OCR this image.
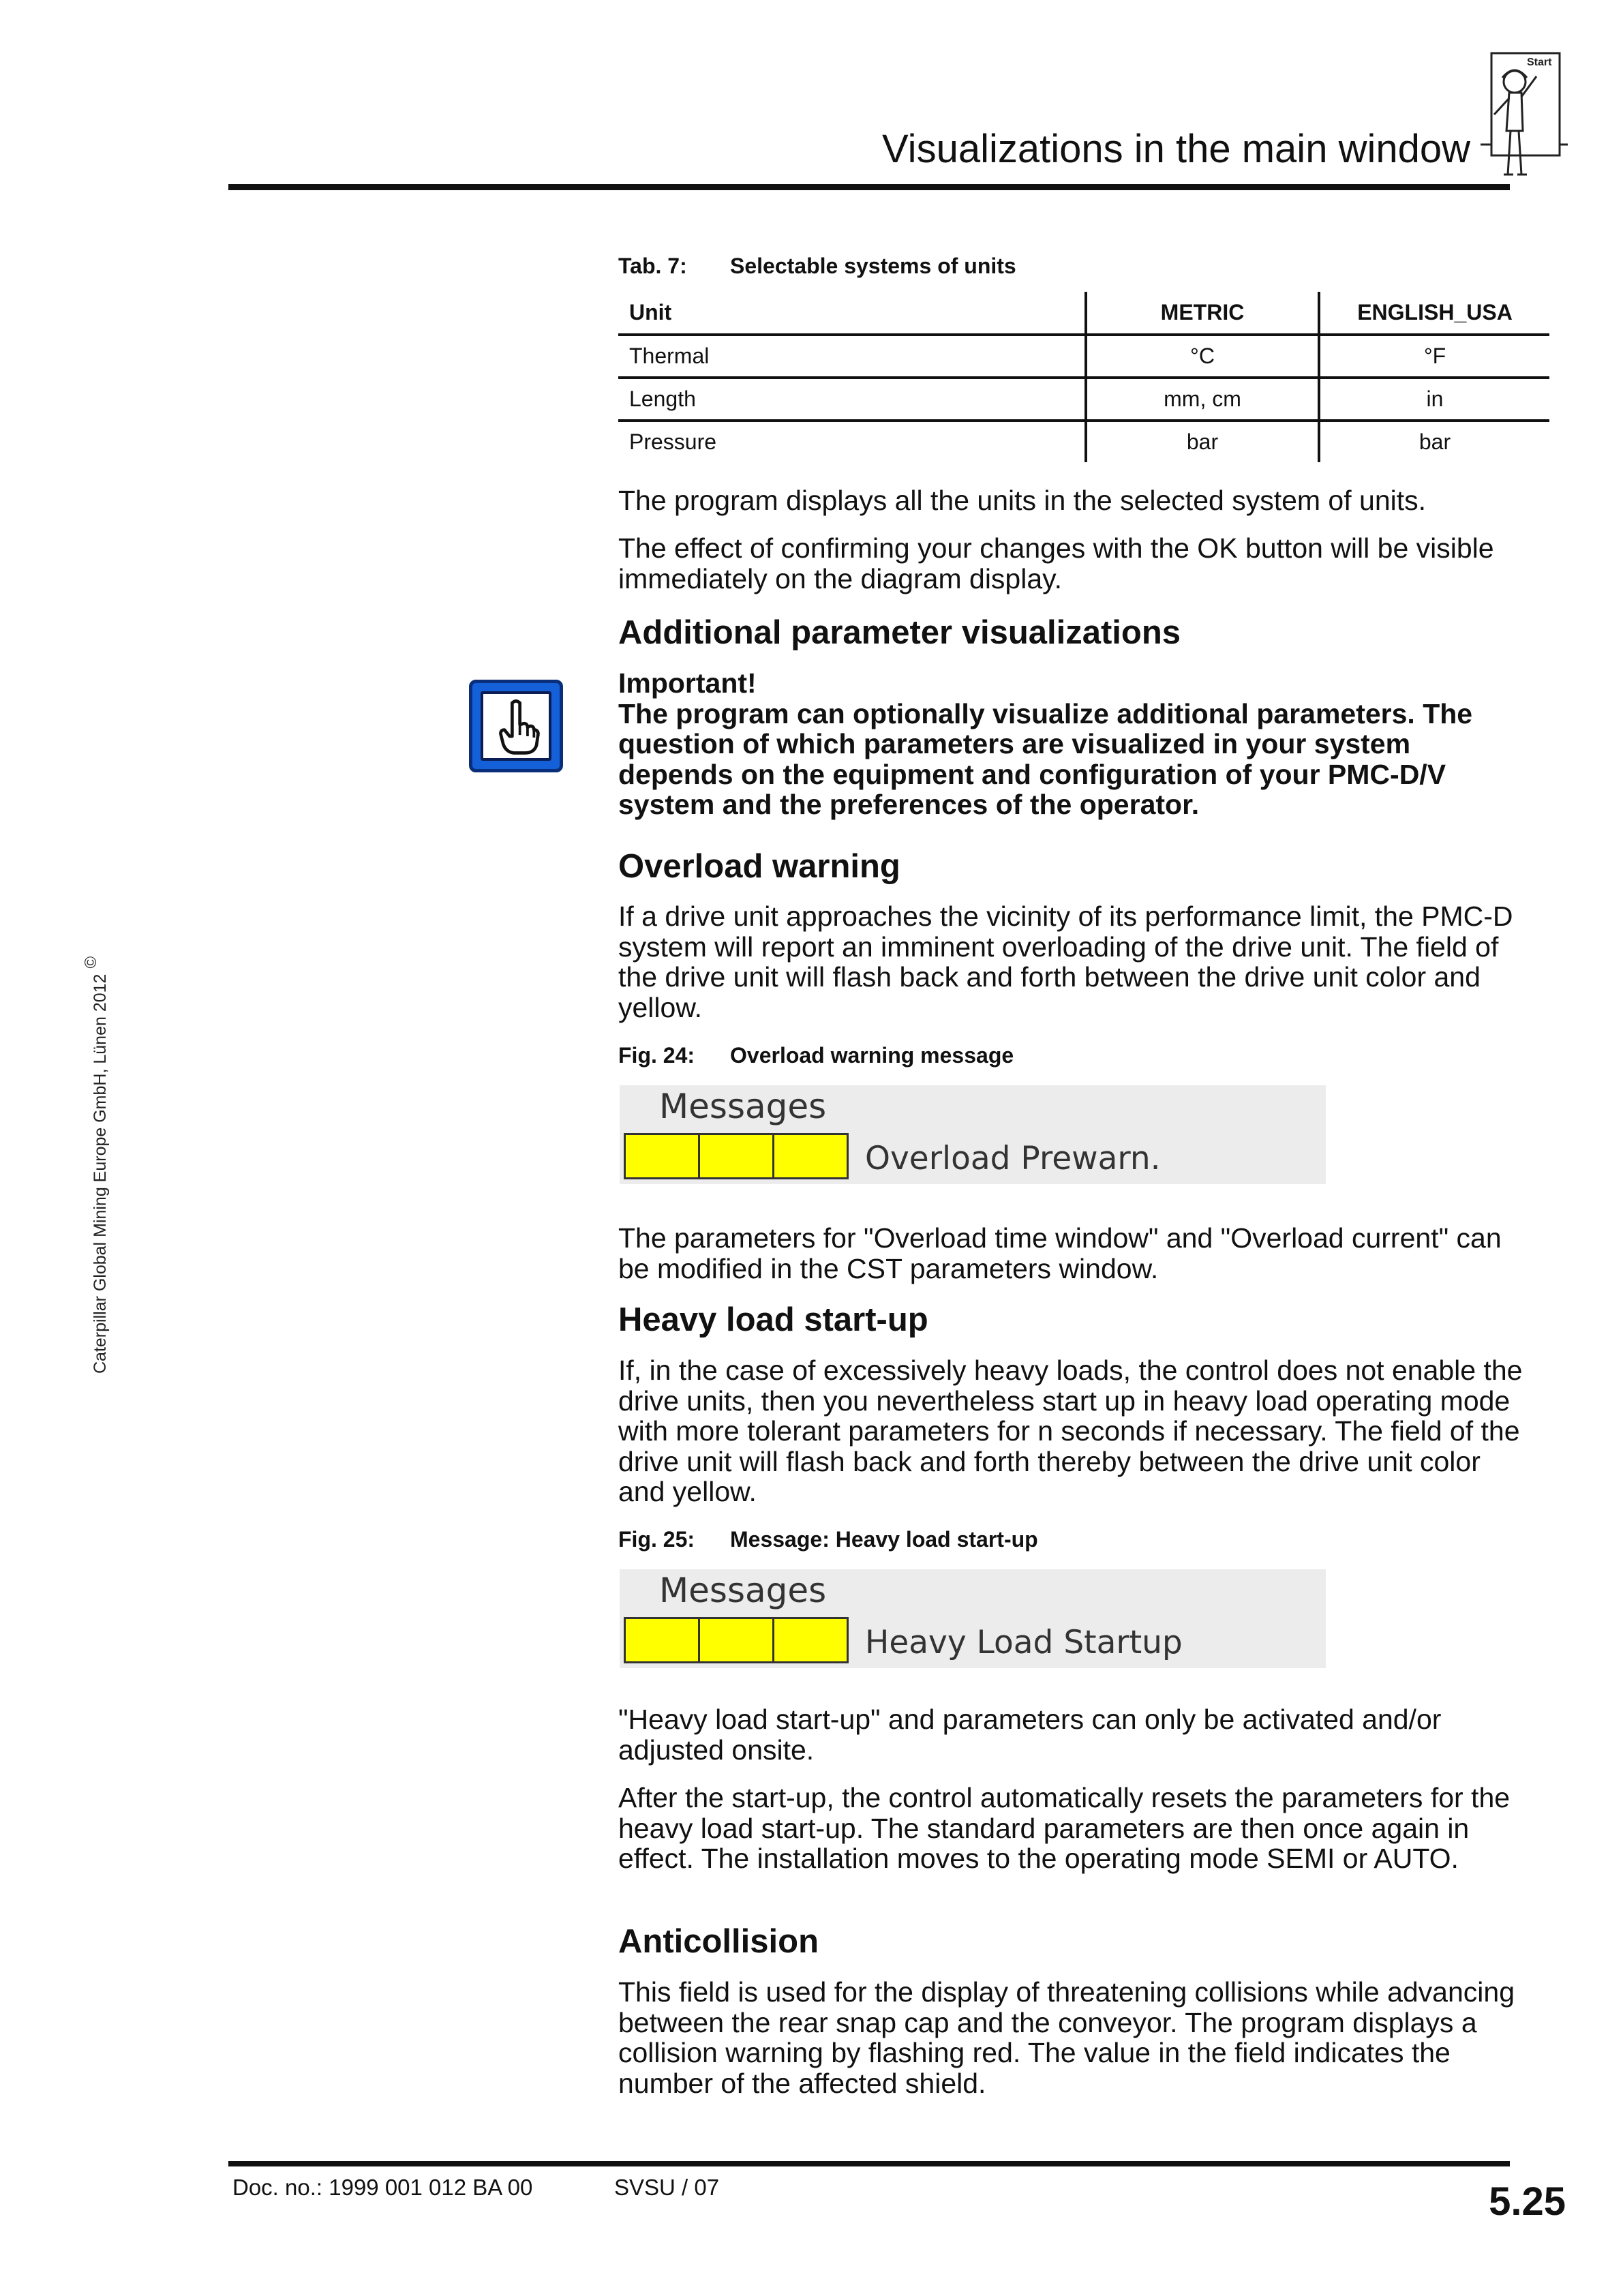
Visualizations in the main window
Start
Caterpillar Global Mining Europe GmbH, Lünen 2012©
Tab. 7: Selectable systems of units
Unit	METRIC	ENGLISH_USA
Thermal	°C	°F
Length	mm, cm	in
Pressure	bar	bar
The program displays all the units in the selected system of units.
The effect of confirming your changes with the OK button will be visible immediately on the diagram display.
Additional parameter visualizations
Important!
The program can optionally visualize additional parameters. The question of which parameters are visualized in your system depends on the equipment and configuration of your PMC-D/V system and the preferences of the operator.
Overload warning
If a drive unit approaches the vicinity of its performance limit, the PMC-D system will report an imminent overloading of the drive unit. The field of the drive unit will flash back and forth between the drive unit color and yellow.
Fig. 24: Overload warning message
Messages
Overload Prewarn.
The parameters for "Overload time window" and "Overload current" can be modified in the CST parameters window.
Heavy load start-up
If, in the case of excessively heavy loads, the control does not enable the drive units, then you nevertheless start up in heavy load operating mode with more tolerant parameters for n seconds if necessary. The field of the drive unit will flash back and forth thereby between the drive unit color and yellow.
Fig. 25: Message: Heavy load start-up
Messages
Heavy Load Startup
"Heavy load start-up" and parameters can only be activated and/or adjusted onsite.
After the start-up, the control automatically resets the parameters for the heavy load start-up. The standard parameters are then once again in effect. The installation moves to the operating mode SEMI or AUTO.
Anticollision
This field is used for the display of threatening collisions while advancing between the rear snap cap and the conveyor. The program displays a collision warning by flashing red. The value in the field indicates the number of the affected shield.
Doc. no.: 1999 001 012 BA 00	SVSU / 07	5.25
